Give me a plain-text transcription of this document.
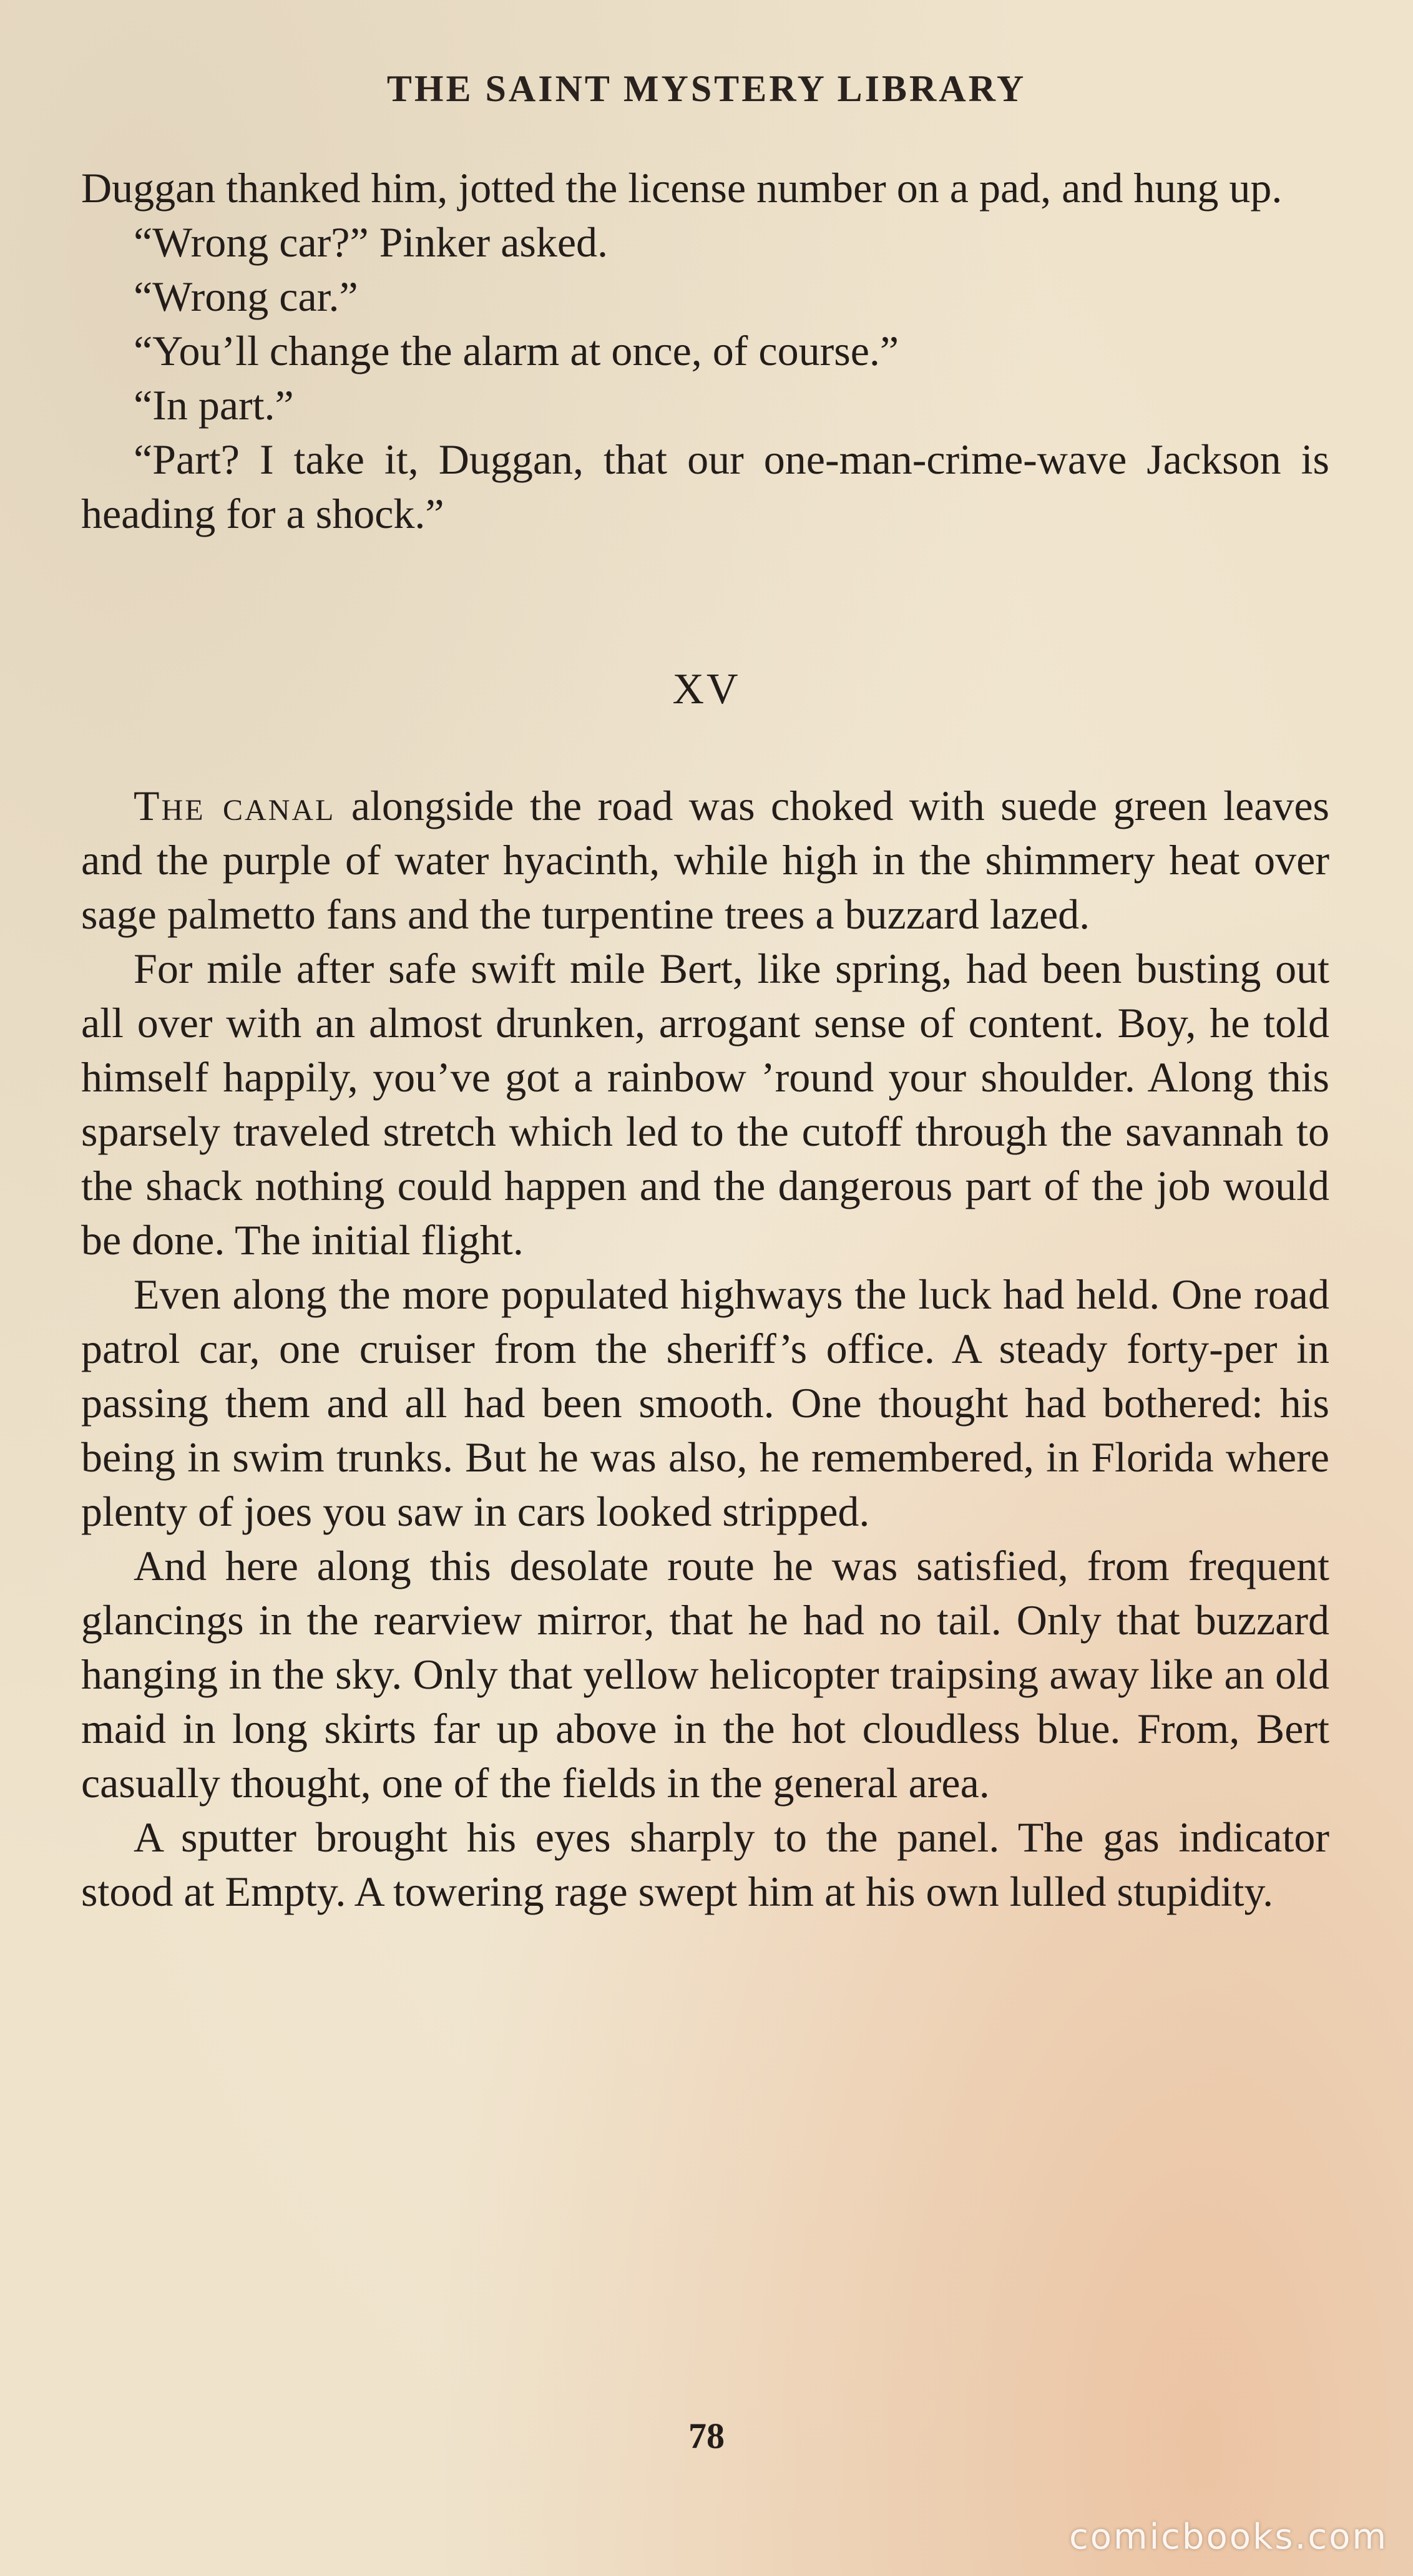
THE SAINT MYSTERY LIBRARY

Duggan thanked him, jotted the license number on a pad, and hung up.

“Wrong car?” Pinker asked.

“Wrong car.”

“You’ll change the alarm at once, of course.”

“In part.”

“Part? I take it, Duggan, that our one-man-crime-wave Jackson is heading for a shock.”

XV

The canal alongside the road was choked with suede green leaves and the purple of water hyacinth, while high in the shimmery heat over sage palmetto fans and the turpentine trees a buzzard lazed.

For mile after safe swift mile Bert, like spring, had been busting out all over with an almost drunken, arrogant sense of content. Boy, he told himself happily, you’ve got a rainbow ’round your shoulder. Along this sparsely traveled stretch which led to the cutoff through the savannah to the shack nothing could happen and the dangerous part of the job would be done. The initial flight.

Even along the more populated highways the luck had held. One road patrol car, one cruiser from the sheriff’s office. A steady forty-per in passing them and all had been smooth. One thought had bothered: his being in swim trunks. But he was also, he remembered, in Florida where plenty of joes you saw in cars looked stripped.

And here along this desolate route he was satisfied, from frequent glancings in the rearview mirror, that he had no tail. Only that buzzard hanging in the sky. Only that yellow helicopter traipsing away like an old maid in long skirts far up above in the hot cloudless blue. From, Bert casually thought, one of the fields in the general area.

A sputter brought his eyes sharply to the panel. The gas indicator stood at Empty. A towering rage swept him at his own lulled stupidity.

78
comicbooks.com
